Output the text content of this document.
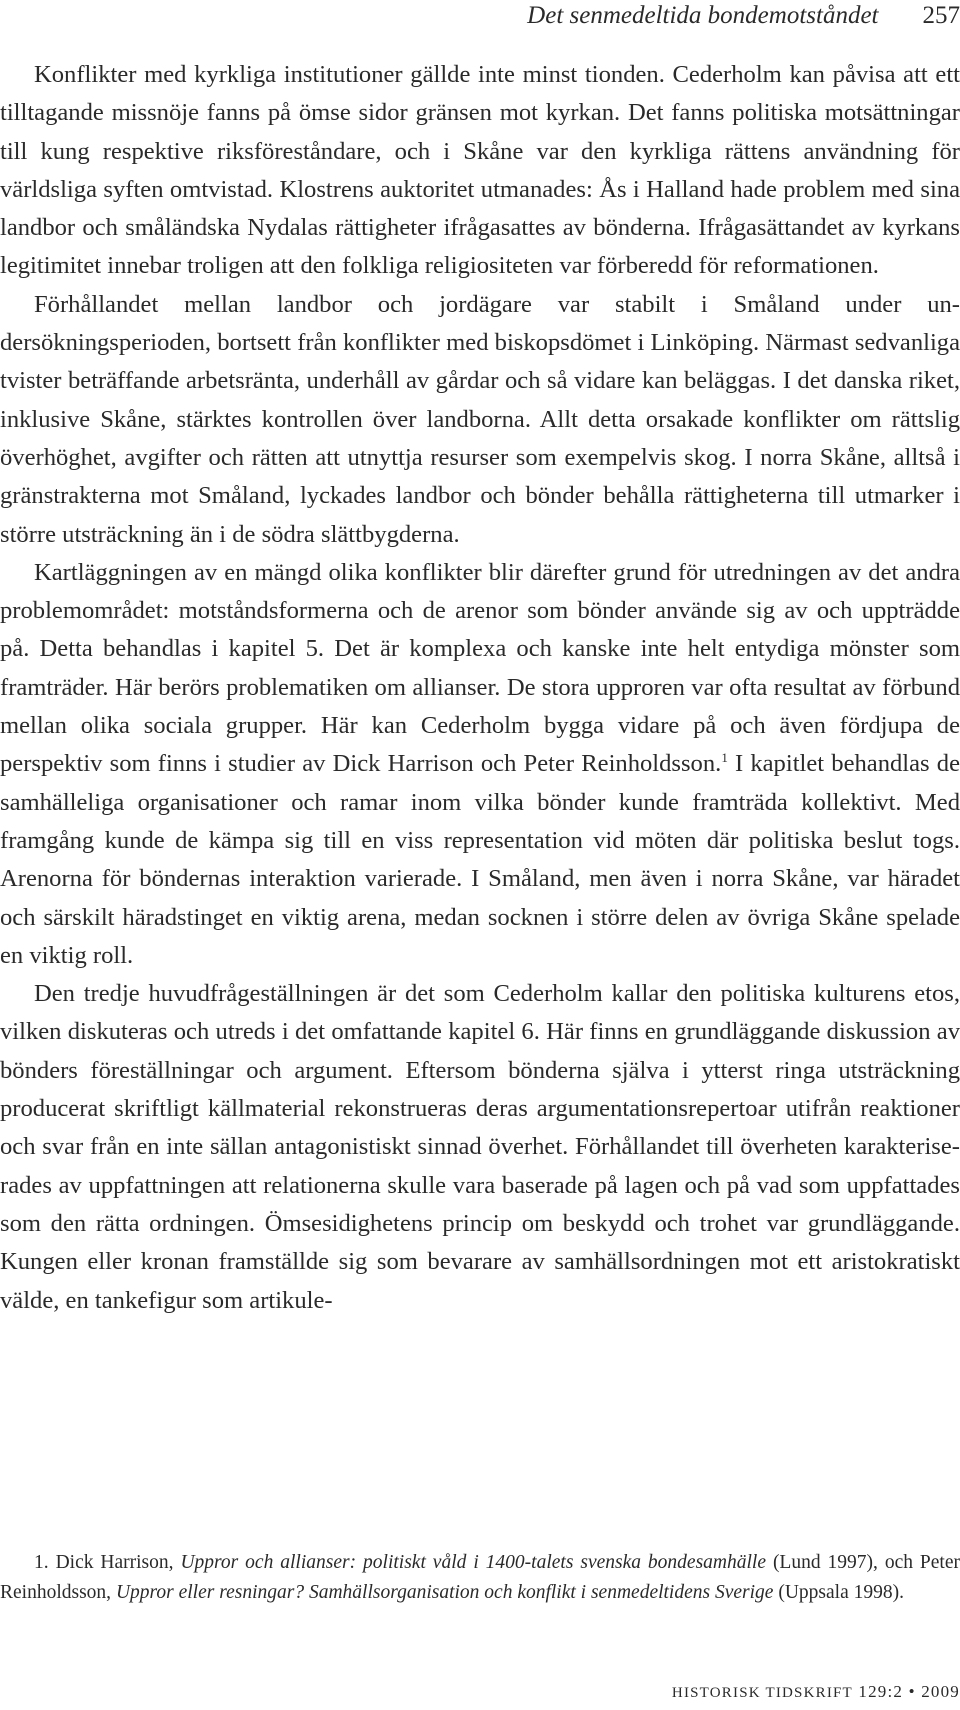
Det senmedeltida bondemotståndet 257

Konflikter med kyrkliga institutioner gällde inte minst tionden. Cederholm kan påvisa att ett tilltagande missnöje fanns på ömse sidor gränsen mot kyrkan. Det fanns politiska motsättningar till kung respektive riksföreståndare, och i Skåne var den kyrkliga rättens användning för världsliga syften omtvistad. Klostrens auktoritet utmanades: Ås i Halland hade problem med sina landbor och småländska Nydalas rättigheter ifrågasattes av bönderna. Ifrågasättandet av kyrkans legitimitet innebar troligen att den folkliga religiositeten var förberedd för reformationen.

Förhållandet mellan landbor och jordägare var stabilt i Småland under undersökningsperioden, bortsett från konflikter med biskopsdömet i Linköping. Närmast sedvanliga tvister beträffande arbetsränta, underhåll av gårdar och så vidare kan beläggas. I det danska riket, inklusive Skåne, stärktes kontrollen över landborna. Allt detta orsakade konflikter om rättslig överhöghet, avgifter och rätten att utnyttja resurser som exempelvis skog. I norra Skåne, alltså i gränstrakterna mot Småland, lyckades landbor och bönder behålla rättigheterna till utmarker i större utsträckning än i de södra slättbygderna.

Kartläggningen av en mängd olika konflikter blir därefter grund för utredningen av det andra problemområdet: motståndsformerna och de arenor som bönder använde sig av och uppträdde på. Detta behandlas i kapitel 5. Det är komplexa och kanske inte helt entydiga mönster som framträder. Här berörs problematiken om allianser. De stora upproren var ofta resultat av förbund mellan olika sociala grupper. Här kan Cederholm bygga vidare på och även fördjupa de perspektiv som finns i studier av Dick Harrison och Peter Reinholdsson.$^1$ I kapitlet behandlas de samhälleliga organisationer och ramar inom vilka bönder kunde framträda kollektivt. Med framgång kunde de kämpa sig till en viss representation vid möten där politiska beslut togs. Arenorna för böndernas interaktion varierade. I Småland, men även i norra Skåne, var häradet och särskilt häradstinget en viktig arena, medan socknen i större delen av övriga Skåne spelade en viktig roll.

Den tredje huvudfrågeställningen är det som Cederholm kallar den politiska kulturens etos, vilken diskuteras och utreds i det omfattande kapitel 6. Här finns en grundläggande diskussion av bönders föreställningar och argument. Eftersom bönderna själva i ytterst ringa utsträckning producerat skriftligt källmaterial rekonstrueras deras argumentationsrepertoar utifrån reaktioner och svar från en inte sällan antagonistiskt sinnad överhet. Förhållandet till överheten karakteriserades av uppfattningen att relationerna skulle vara baserade på lagen och på vad som uppfattades som den rätta ordningen. Ömsesidighetens princip om beskydd och trohet var grundläggande. Kungen eller kronan framställde sig som bevarare av samhällsordningen mot ett aristokratiskt välde, en tankefigur som artikule-

1. Dick Harrison, Uppror och allianser: politiskt våld i 1400-talets svenska bondesamhälle (Lund 1997), och Peter Reinholdsson, Uppror eller resningar? Samhällsorganisation och konflikt i senmedeltidens Sverige (Uppsala 1998).

HISTORISK TIDSKRIFT 129:2 • 2009
